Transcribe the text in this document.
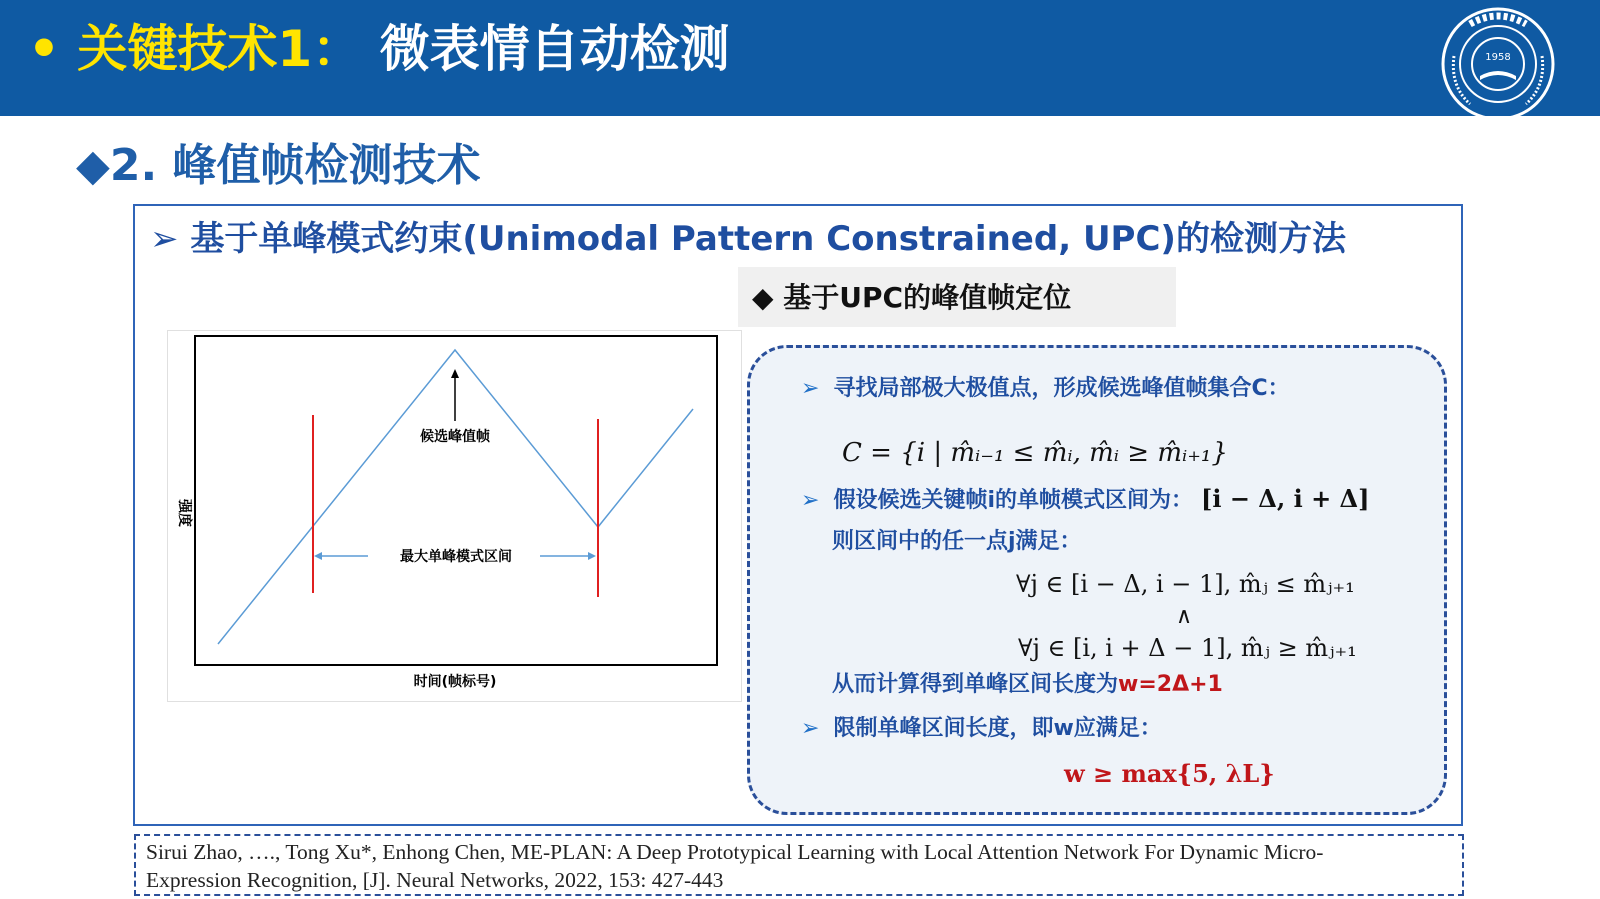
• 关键技术1： 微表情自动检测	1958
◆2. 峰值帧检测技术
➢ 基于单峰模式约束(Unimodal Pattern Constrained, UPC)的检测方法
◆ 基于UPC的峰值帧定位
候选峰值帧
最大单峰模式区间
强度
时间(帧标号)
➢ 寻找局部极大极值点，形成候选峰值帧集合C：
C = {i | m̂ᵢ₋₁ ≤ m̂ᵢ, m̂ᵢ ≥ m̂ᵢ₊₁}
➢ 假设候选关键帧i的单帧模式区间为： [i − Δ, i + Δ]
则区间中的任一点j满足：
∀j ∈ [i − Δ, i − 1], m̂ⱼ ≤ m̂ⱼ₊₁
∧
∀j ∈ [i, i + Δ − 1], m̂ⱼ ≥ m̂ⱼ₊₁
从而计算得到单峰区间长度为w=2Δ+1
➢ 限制单峰区间长度，即w应满足：
w ≥ max{5, λL}
Sirui Zhao, …., Tong Xu*, Enhong Chen, ME-PLAN: A Deep Prototypical Learning with Local Attention Network For Dynamic Micro-
Expression Recognition, [J]. Neural Networks, 2022, 153: 427-443
